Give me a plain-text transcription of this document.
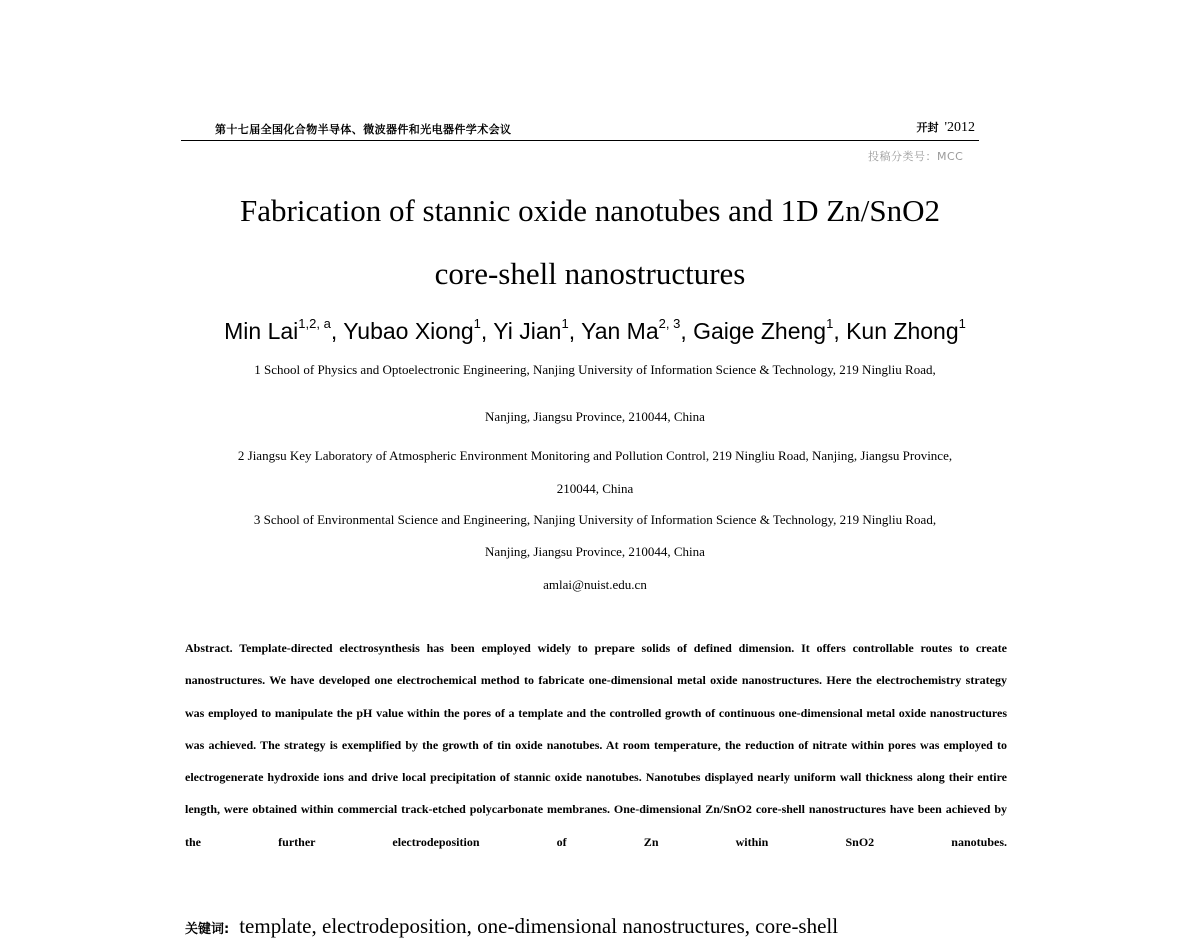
第十七届全国化合物半导体、微波器件和光电器件学术会议	开封 '2012
投稿分类号：MCC
Fabrication of stannic oxide nanotubes and 1D Zn/SnO2
core-shell nanostructures
Min Lai$^{1,2, a}$, Yubao Xiong$^1$, Yi Jian$^1$, Yan Ma$^{2, 3}$, Gaige Zheng$^1$, Kun Zhong$^1$
1 School of Physics and Optoelectronic Engineering, Nanjing University of Information Science & Technology, 219 Ningliu Road,
Nanjing, Jiangsu Province, 210044, China
2 Jiangsu Key Laboratory of Atmospheric Environment Monitoring and Pollution Control, 219 Ningliu Road, Nanjing, Jiangsu Province,
210044, China
3 School of Environmental Science and Engineering, Nanjing University of Information Science & Technology, 219 Ningliu Road,
Nanjing, Jiangsu Province, 210044, China
amlai@nuist.edu.cn
Abstract. Template-directed electrosynthesis has been employed widely to prepare solids of defined dimension. It offers controllable routes to create nanostructures. We have developed one electrochemical method to fabricate one-dimensional metal oxide nanostructures. Here the electrochemistry strategy was employed to manipulate the pH value within the pores of a template and the controlled growth of continuous one-dimensional metal oxide nanostructures was achieved. The strategy is exemplified by the growth of tin oxide nanotubes. At room temperature, the reduction of nitrate within pores was employed to electrogenerate hydroxide ions and drive local precipitation of stannic oxide nanotubes. Nanotubes displayed nearly uniform wall thickness along their entire length, were obtained within commercial track-etched polycarbonate membranes. One-dimensional Zn/SnO2 core-shell nanostructures have been achieved by the further electrodeposition of Zn within SnO2 nanotubes.
关键词: template, electrodeposition, one-dimensional nanostructures, core-shell
